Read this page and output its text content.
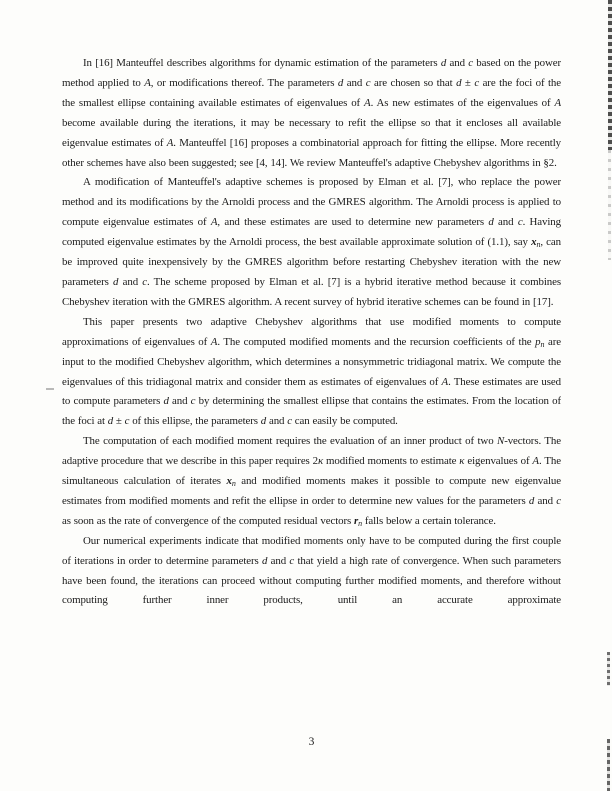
In [16] Manteuffel describes algorithms for dynamic estimation of the parameters d and c based on the power method applied to A, or modifications thereof. The parameters d and c are chosen so that d ± c are the foci of the the smallest ellipse containing available estimates of eigenvalues of A. As new estimates of the eigenvalues of A become available during the iterations, it may be necessary to refit the ellipse so that it encloses all available eigenvalue estimates of A. Manteuffel [16] proposes a combinatorial approach for fitting the ellipse. More recently other schemes have also been suggested; see [4, 14]. We review Manteuffel's adaptive Chebyshev algorithms in §2.

A modification of Manteuffel's adaptive schemes is proposed by Elman et al. [7], who replace the power method and its modifications by the Arnoldi process and the GMRES algorithm. The Arnoldi process is applied to compute eigenvalue estimates of A, and these estimates are used to determine new parameters d and c. Having computed eigenvalue estimates by the Arnoldi process, the best available approximate solution of (1.1), say $x_n$, can be improved quite inexpensively by the GMRES algorithm before restarting Chebyshev iteration with the new parameters d and c. The scheme proposed by Elman et al. [7] is a hybrid iterative method because it combines Chebyshev iteration with the GMRES algorithm. A recent survey of hybrid iterative schemes can be found in [17].

This paper presents two adaptive Chebyshev algorithms that use modified moments to compute approximations of eigenvalues of A. The computed modified moments and the recursion coefficients of the $p_n$ are input to the modified Chebyshev algorithm, which determines a nonsymmetric tridiagonal matrix. We compute the eigenvalues of this tridiagonal matrix and consider them as estimates of eigenvalues of A. These estimates are used to compute parameters d and c by determining the smallest ellipse that contains the estimates. From the location of the foci at d ± c of this ellipse, the parameters d and c can easily be computed.

The computation of each modified moment requires the evaluation of an inner product of two N-vectors. The adaptive procedure that we describe in this paper requires 2κ modified moments to estimate κ eigenvalues of A. The simultaneous calculation of iterates $x_n$ and modified moments makes it possible to compute new eigenvalue estimates from modified moments and refit the ellipse in order to determine new values for the parameters d and c as soon as the rate of convergence of the computed residual vectors $r_n$ falls below a certain tolerance.

Our numerical experiments indicate that modified moments only have to be computed during the first couple of iterations in order to determine parameters d and c that yield a high rate of convergence. When such parameters have been found, the iterations can proceed without computing further modified moments, and therefore without computing further inner products, until an accurate approximate

3
